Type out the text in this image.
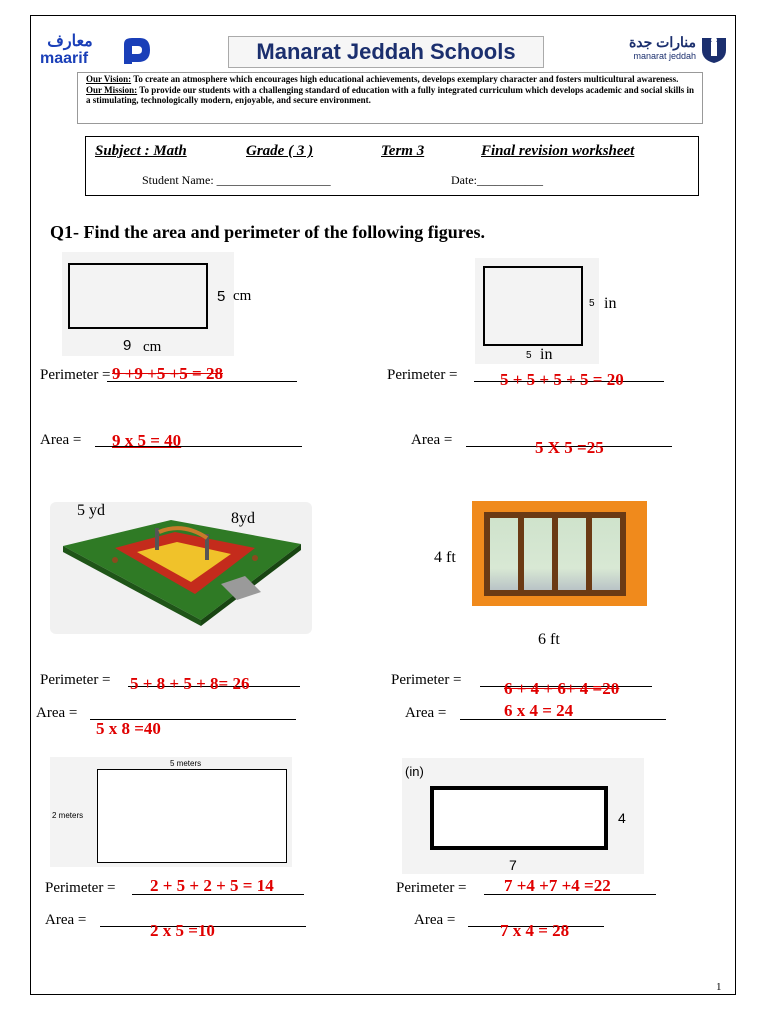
معارف
maarif	Manarat Jeddah Schools	منارات جدة
manarat jeddah
Our Vision: To create an atmosphere which encourages high educational achievements, develops exemplary character and fosters multicultural awareness.
Our Mission: To provide our students with a challenging standard of education with a fully integrated curriculum which develops academic and social skills in a stimulating, technologically modern, enjoyable, and secure environment.
Subject : Math	Grade ( 3 )	Term 3	Final revision worksheet
Student Name: ___________________	Date:___________
Q1- Find the area and perimeter of the following figures.
5 cm
9 cm
Perimeter = 9 +9 +5 +5 = 28
Area = 9 x 5 = 40
5 in
5 in
Perimeter = 5 + 5 + 5 + 5 = 20
Area =	5 X 5 =25
5 yd	8yd
Perimeter = 5 + 8 + 5 + 8= 26
Area =
5 x 8 =40
4 ft
6 ft
Perimeter = 6 + 4 + 6+ 4 =20
Area =	6 x 4 = 24
5 meters
2 meters
Perimeter = 2 + 5 + 2 + 5 = 14
Area =
2 x 5 =10
(in)
4
7
Perimeter = 7 +4 +7 +4 =22
Area =
7 x 4 = 28
1
